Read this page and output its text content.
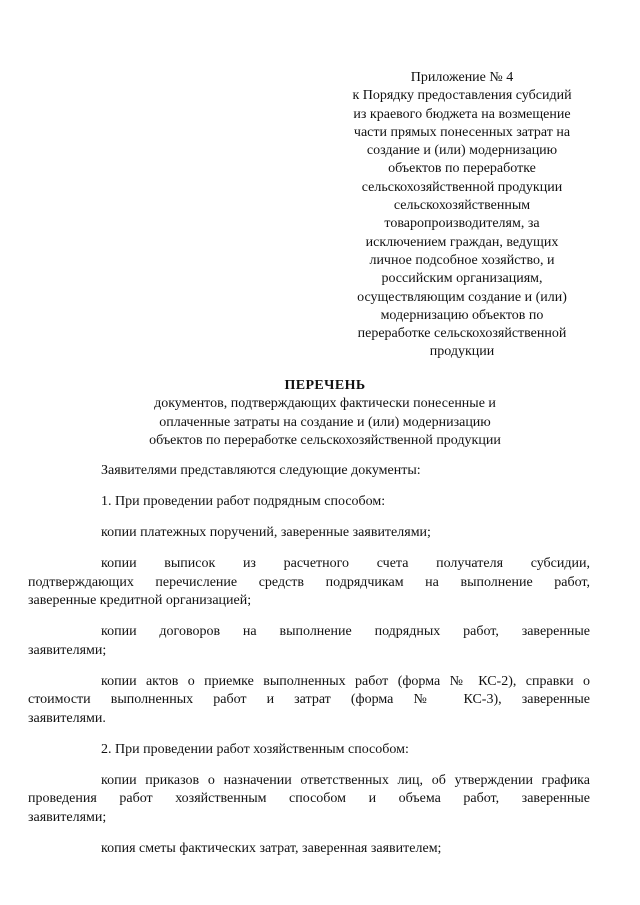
Приложение № 4
к Порядку предоставления субсидий
из краевого бюджета на возмещение
части прямых понесенных затрат на
создание и (или) модернизацию
объектов по переработке
сельскохозяйственной продукции
сельскохозяйственным
товаропроизводителям, за
исключением граждан, ведущих
личное подсобное хозяйство, и
российским организациям,
осуществляющим создание и (или)
модернизацию объектов по
переработке сельскохозяйственной
продукции
ПЕРЕЧЕНЬ
документов, подтверждающих фактически понесенные и
оплаченные затраты на создание и (или) модернизацию
объектов по переработке сельскохозяйственной продукции
Заявителями представляются следующие документы:
1. При проведении работ подрядным способом:
копии платежных поручений, заверенные заявителями;
копии выписок из расчетного счета получателя субсидии,
подтверждающих перечисление средств подрядчикам на выполнение работ,
заверенные кредитной организацией;
копии договоров на выполнение подрядных работ, заверенные
заявителями;
копии актов о приемке выполненных работ (форма № КС-2), справки о
стоимости выполненных работ и затрат (форма № КС-3), заверенные
заявителями.
2. При проведении работ хозяйственным способом:
копии приказов о назначении ответственных лиц, об утверждении графика
проведения работ хозяйственным способом и объема работ, заверенные
заявителями;
копия сметы фактических затрат, заверенная заявителем;
